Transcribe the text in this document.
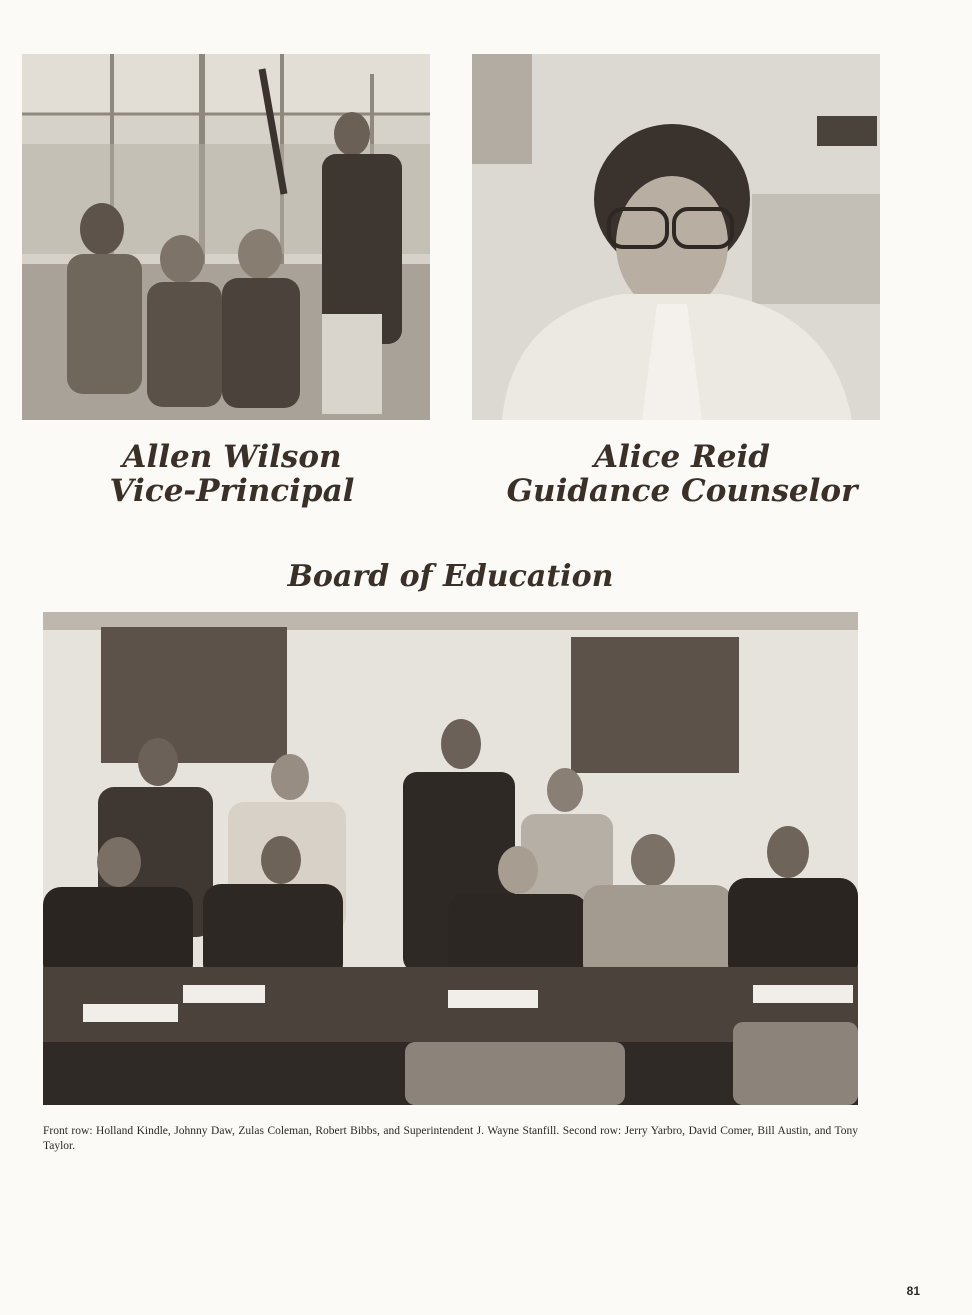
Allen Wilson
Vice-Principal
Alice Reid
Guidance Counselor
Board of Education
Front row: Holland Kindle, Johnny Daw, Zulas Coleman, Robert Bibbs, and Superintendent J. Wayne Stanfill. Second row: Jerry Yarbro, David Comer, Bill Austin, and Tony Taylor.
81
